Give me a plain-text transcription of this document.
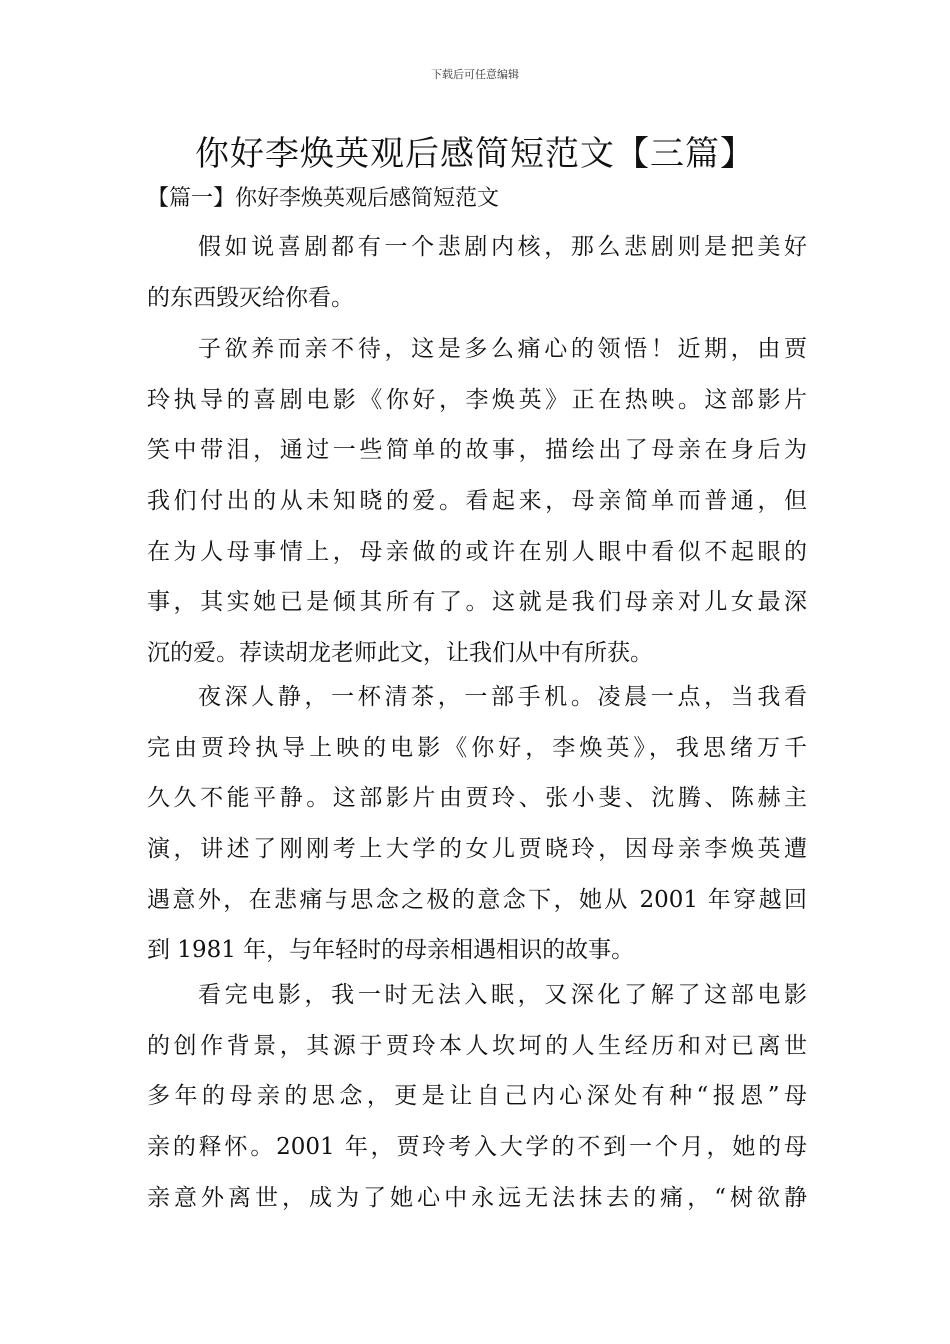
下载后可任意编辑
你好李焕英观后感简短范文【三篇】
【篇一】你好李焕英观后感简短范文
假如说喜剧都有一个悲剧内核，那么悲剧则是把美好
的东西毁灭给你看。
子欲养而亲不待，这是多么痛心的领悟！近期，由贾
玲执导的喜剧电影《你好，李焕英》正在热映。这部影片
笑中带泪，通过一些简单的故事，描绘出了母亲在身后为
我们付出的从未知晓的爱。看起来，母亲简单而普通，但
在为人母事情上，母亲做的或许在别人眼中看似不起眼的
事，其实她已是倾其所有了。这就是我们母亲对儿女最深
沉的爱。荐读胡龙老师此文，让我们从中有所获。
夜深人静，一杯清茶，一部手机。凌晨一点，当我看
完由贾玲执导上映的电影《你好，李焕英》，我思绪万千
久久不能平静。这部影片由贾玲、张小斐、沈腾、陈赫主
演，讲述了刚刚考上大学的女儿贾晓玲，因母亲李焕英遭
遇意外，在悲痛与思念之极的意念下，她从 2001 年穿越回
到 1981 年，与年轻时的母亲相遇相识的故事。
看完电影，我一时无法入眠，又深化了解了这部电影
的创作背景，其源于贾玲本人坎坷的人生经历和对已离世
多年的母亲的思念，更是让自己内心深处有种“报恩”母
亲的释怀。2001 年，贾玲考入大学的不到一个月，她的母
亲意外离世，成为了她心中永远无法抹去的痛，“树欲静
